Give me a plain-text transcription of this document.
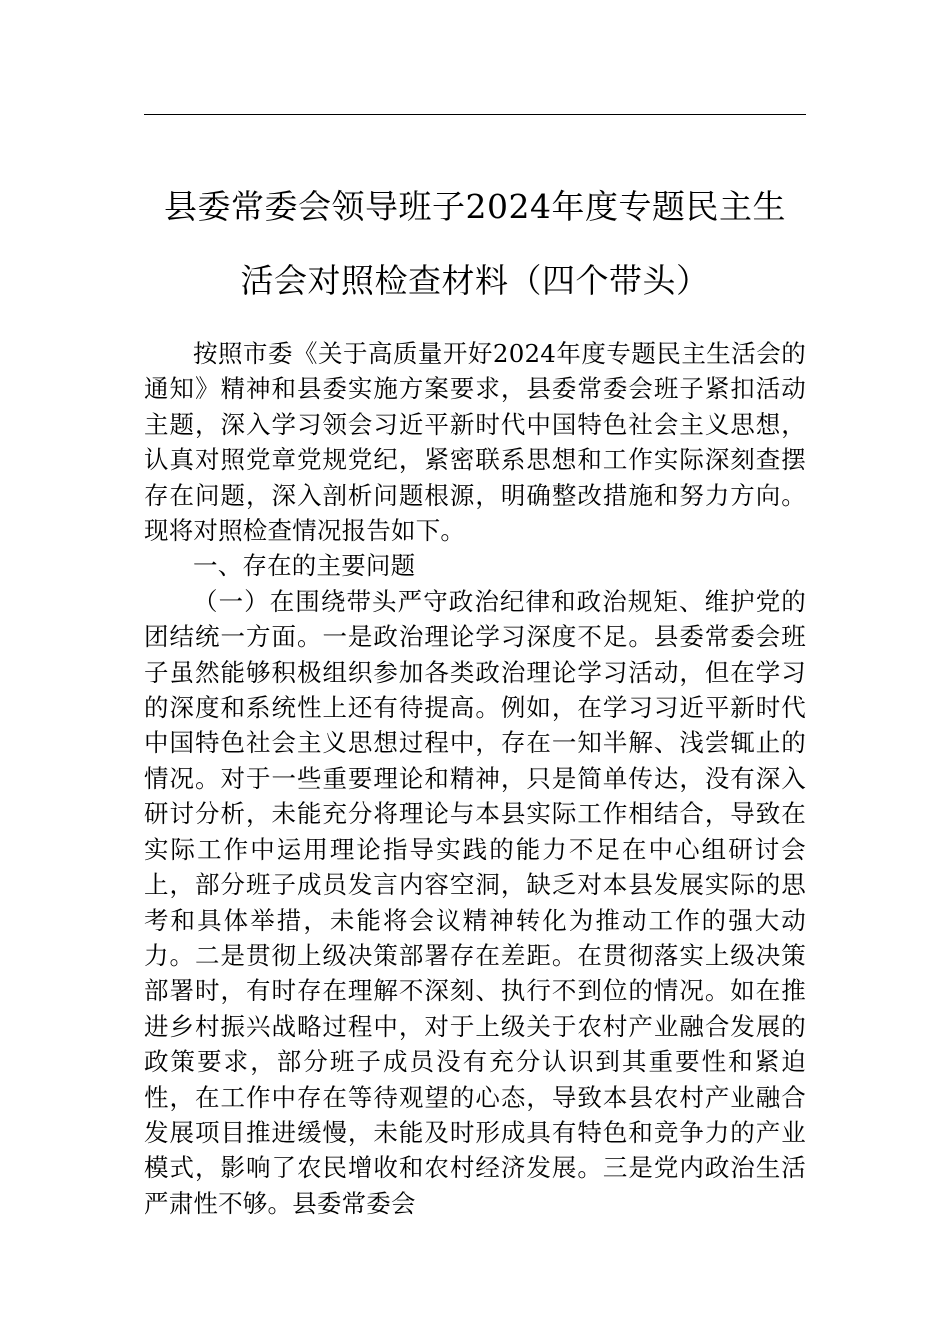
县委常委会领导班子2024年度专题民主生
活会对照检查材料（四个带头）

按照市委《关于高质量开好2024年度专题民主生活会的通知》精神和县委实施方案要求，县委常委会班子紧扣活动主题，深入学习领会习近平新时代中国特色社会主义思想，认真对照党章党规党纪，紧密联系思想和工作实际深刻查摆存在问题，深入剖析问题根源，明确整改措施和努力方向。现将对照检查情况报告如下。

一、存在的主要问题

（一）在围绕带头严守政治纪律和政治规矩、维护党的团结统一方面。一是政治理论学习深度不足。县委常委会班子虽然能够积极组织参加各类政治理论学习活动，但在学习的深度和系统性上还有待提高。例如，在学习习近平新时代中国特色社会主义思想过程中，存在一知半解、浅尝辄止的情况。对于一些重要理论和精神，只是简单传达，没有深入研讨分析，未能充分将理论与本县实际工作相结合，导致在实际工作中运用理论指导实践的能力不足在中心组研讨会上，部分班子成员发言内容空洞，缺乏对本县发展实际的思考和具体举措，未能将会议精神转化为推动工作的强大动力。二是贯彻上级决策部署存在差距。在贯彻落实上级决策部署时，有时存在理解不深刻、执行不到位的情况。如在推进乡村振兴战略过程中，对于上级关于农村产业融合发展的政策要求，部分班子成员没有充分认识到其重要性和紧迫性，在工作中存在等待观望的心态，导致本县农村产业融合发展项目推进缓慢，未能及时形成具有特色和竞争力的产业模式，影响了农民增收和农村经济发展。三是党内政治生活严肃性不够。县委常委会
